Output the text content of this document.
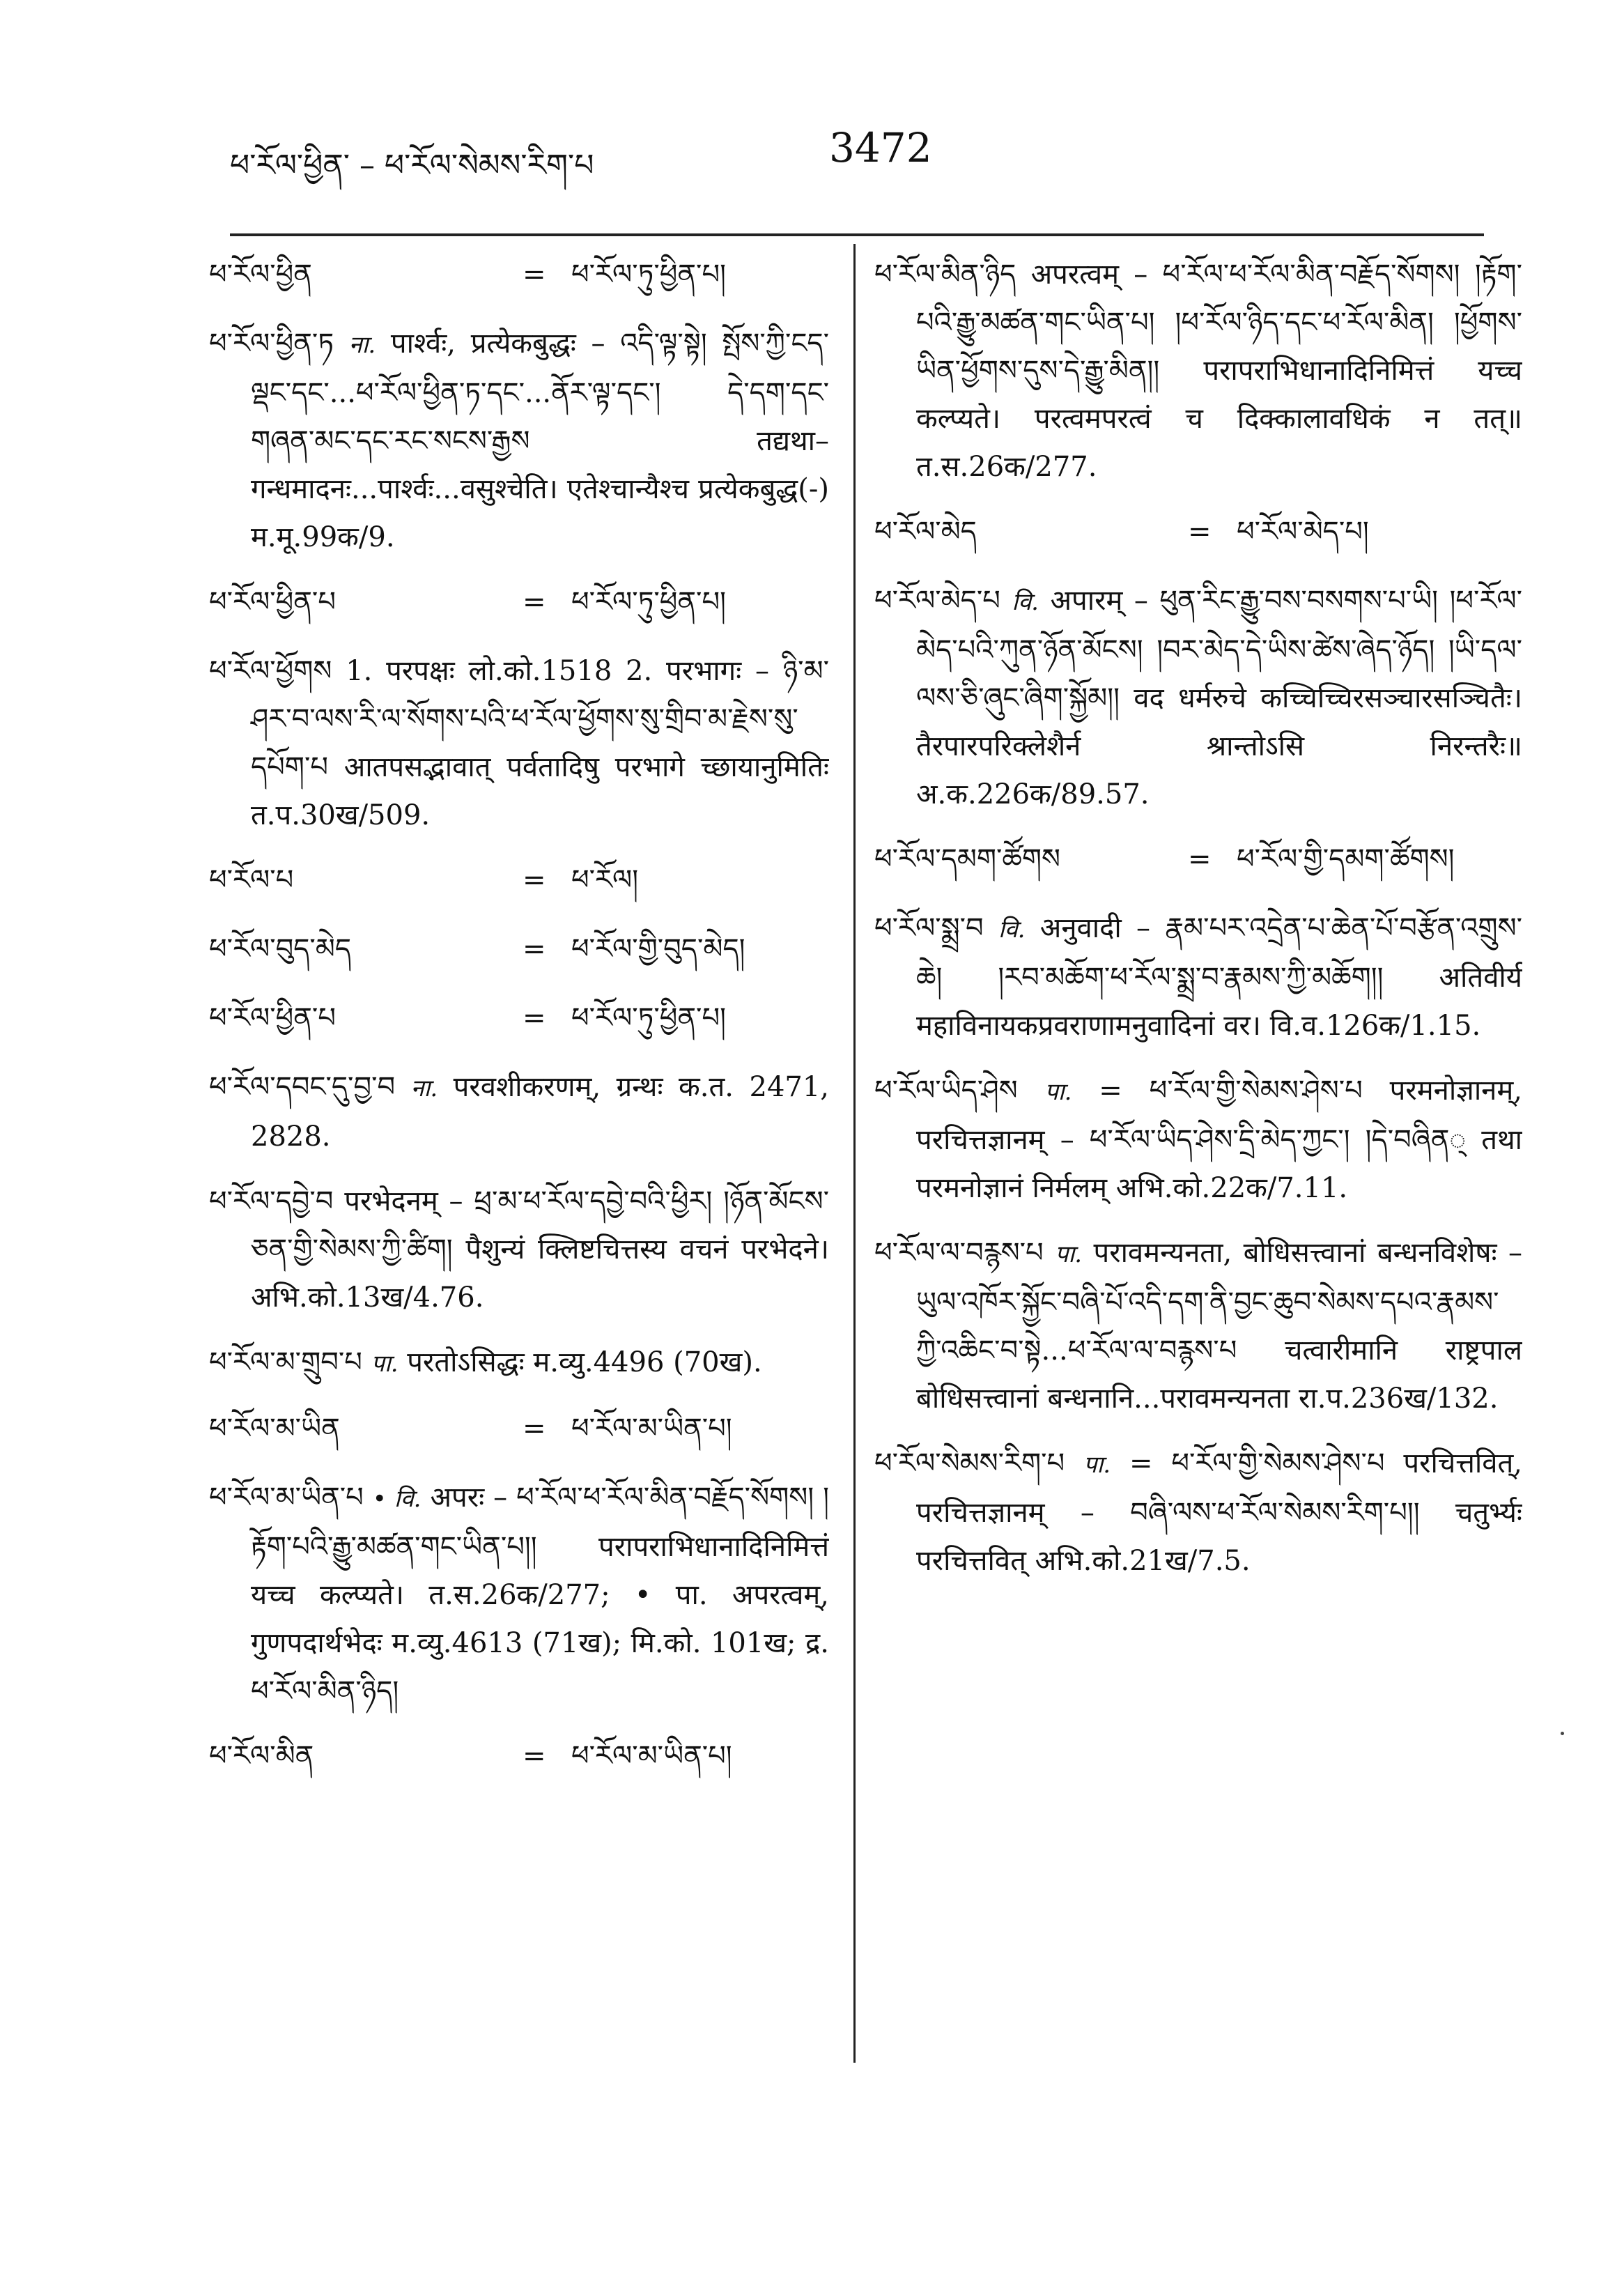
ཕ་རོལ་ཕྱིན་ – ཕ་རོལ་སེམས་རིག་པ	3472
ཕ་རོལ་ཕྱིན	= ཕ་རོལ་ཏུ་ཕྱིན་པ།
ཕ་རོལ་ཕྱིན་ཏ ना. पार्श्वः, प्रत्येकबुद्धः – འདི་ལྟ་སྟེ། སྤོས་ཀྱི་ངད་ལྡང་དང་...ཕ་རོལ་ཕྱིན་ཏ་དང་...ནོར་ལྟ་དང་། དེ་དག་དང་གཞན་མང་དང་རང་སངས་རྒྱས तद्यथा–गन्धमादनः...पार्श्वः...वसुश्चेति। एतेश्चान्यैश्च प्रत्येकबुद्ध(-) म.मू.99क/9.
ཕ་རོལ་ཕྱིན་པ	= ཕ་རོལ་ཏུ་ཕྱིན་པ།
ཕ་རོལ་ཕྱོགས 1. परपक्षः लो.को.1518 2. परभागः – ཉི་མ་ཤར་བ་ལས་རི་ལ་སོགས་པའི་ཕ་རོལ་ཕྱོགས་སུ་གྲིབ་མ་རྗེས་སུ་དཔོག་པ आतपसद्भावात् पर्वतादिषु परभागे च्छायानुमितिः त.प.30ख/509.
ཕ་རོལ་པ	= ཕ་རོལ།
ཕ་རོལ་བུད་མེད	= ཕ་རོལ་གྱི་བུད་མེད།
ཕ་རོལ་ཕྱིན་པ	= ཕ་རོལ་ཏུ་ཕྱིན་པ།
ཕ་རོལ་དབང་དུ་བྱ་བ ना. परवशीकरणम्, ग्रन्थः क.त. 2471, 2828.
ཕ་རོལ་དབྱེ་བ परभेदनम् – ཕྲ་མ་ཕ་རོལ་དབྱེ་བའི་ཕྱིར། །ཉོན་མོངས་ཅན་གྱི་སེམས་ཀྱི་ཚིག། पैशुन्यं क्लिष्टचित्तस्य वचनं परभेदने। अभि.को.13ख/4.76.
ཕ་རོལ་མ་གྲུབ་པ पा. परतोऽसिद्धः म.व्यु.4496 (70ख).
ཕ་རོལ་མ་ཡིན	= ཕ་རོལ་མ་ཡིན་པ།
ཕ་རོལ་མ་ཡིན་པ • वि. अपरः – ཕ་རོལ་ཕ་རོལ་མིན་བརྗོད་སོགས། །རྟོག་པའི་རྒྱུ་མཚན་གང་ཡིན་པ།། परापराभिधानादिनिमित्तं यच्च कल्प्यते। त.स.26क/277; • पा. अपरत्वम्, गुणपदार्थभेदः म.व्यु.4613 (71ख); मि.को. 101ख; द्र. ཕ་རོལ་མིན་ཉིད།
ཕ་རོལ་མིན	= ཕ་རོལ་མ་ཡིན་པ།
ཕ་རོལ་མིན་ཉིད अपरत्वम् – ཕ་རོལ་ཕ་རོལ་མིན་བརྗོད་སོགས། །རྟོག་པའི་རྒྱུ་མཚན་གང་ཡིན་པ། །ཕ་རོལ་ཉིད་དང་ཕ་རོལ་མིན། །ཕྱོགས་ཡིན་ཕྱོགས་དུས་དེ་རྒྱུ་མིན།། परापराभिधानादिनिमित्तं यच्च कल्प्यते। परत्वमपरत्वं च दिक्कालावधिकं न तत्॥ त.स.26क/277.
ཕ་རོལ་མེད	= ཕ་རོལ་མེད་པ།
ཕ་རོལ་མེད་པ वि. अपारम् – ཕུན་རིང་རྒྱུ་བས་བསགས་པ་ཡི། །ཕ་རོལ་མེད་པའི་ཀུན་ཉོན་མོངས། །བར་མེད་དེ་ཡིས་ཚེས་ཞེད་ཉོད། །ཡི་དལ་ལས་ཅི་ཞུང་ཞིག་སྐྱོམ།། वद धर्मरुचे कच्चिच्चिरसञ्चारसञ्चितैः। तैरपारपरिक्लेशैर्न श्रान्तोऽसि निरन्तरैः॥ अ.क.226क/89.57.
ཕ་རོལ་དམག་ཚོགས	= ཕ་རོལ་གྱི་དམག་ཚོགས།
ཕ་རོལ་སྨྲ་བ वि. अनुवादी – རྣམ་པར་འདྲེན་པ་ཆེན་པོ་བརྩོན་འགྲུས་ཆེ། །རབ་མཆོག་ཕ་རོལ་སྨྲ་བ་རྣམས་ཀྱི་མཆོག།། अतिवीर्य महाविनायकप्रवराणामनुवादिनां वर। वि.व.126क/1.15.
ཕ་རོལ་ཡིད་ཤེས पा. = ཕ་རོལ་གྱི་སེམས་ཤེས་པ परमनोज्ञानम्, परचित्तज्ञानम् – ཕ་རོལ་ཡིད་ཤེས་དྲི་མེད་ཀྱང་། །དེ་བཞིན् तथा परमनोज्ञानं निर्मलम् अभि.को.22क/7.11.
ཕ་རོལ་ལ་བརྙས་པ पा. परावमन्यनता, बोधिसत्त्वानां बन्धनविशेषः – ཡུལ་འཁོར་སྐྱོང་བཞི་པོ་འདི་དག་ནི་བྱང་ཆུབ་སེམས་དཔའ་རྣམས་ཀྱི་འཆིང་བ་སྟེ...ཕ་རོལ་ལ་བརྙས་པ चत्वारीमानि राष्ट्रपाल बोधिसत्त्वानां बन्धनानि...परावमन्यनता रा.प.236ख/132.
ཕ་རོལ་སེམས་རིག་པ पा. = ཕ་རོལ་གྱི་སེམས་ཤེས་པ परचित्तवित्, परचित्तज्ञानम् – བཞི་ལས་ཕ་རོལ་སེམས་རིག་པ།། चतुर्भ्यः परचित्तवित् अभि.को.21ख/7.5.
